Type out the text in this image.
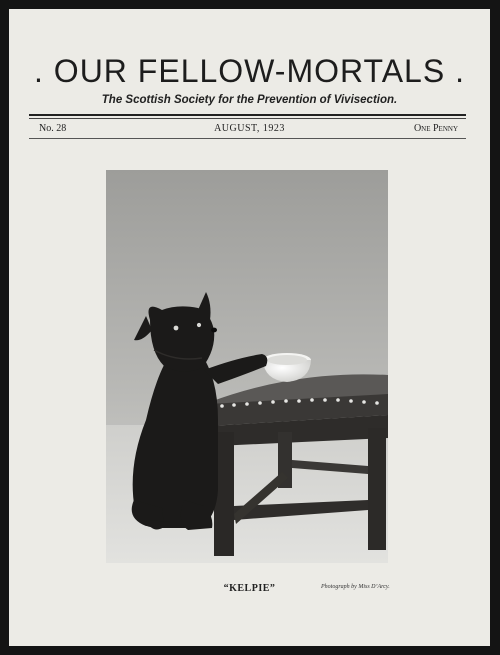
. OUR FELLOW-MORTALS .
The Scottish Society for the Prevention of Vivisection.
No. 28	AUGUST, 1923	One Penny
“KELPIE”	Photograph by Miss D’Arcy.
